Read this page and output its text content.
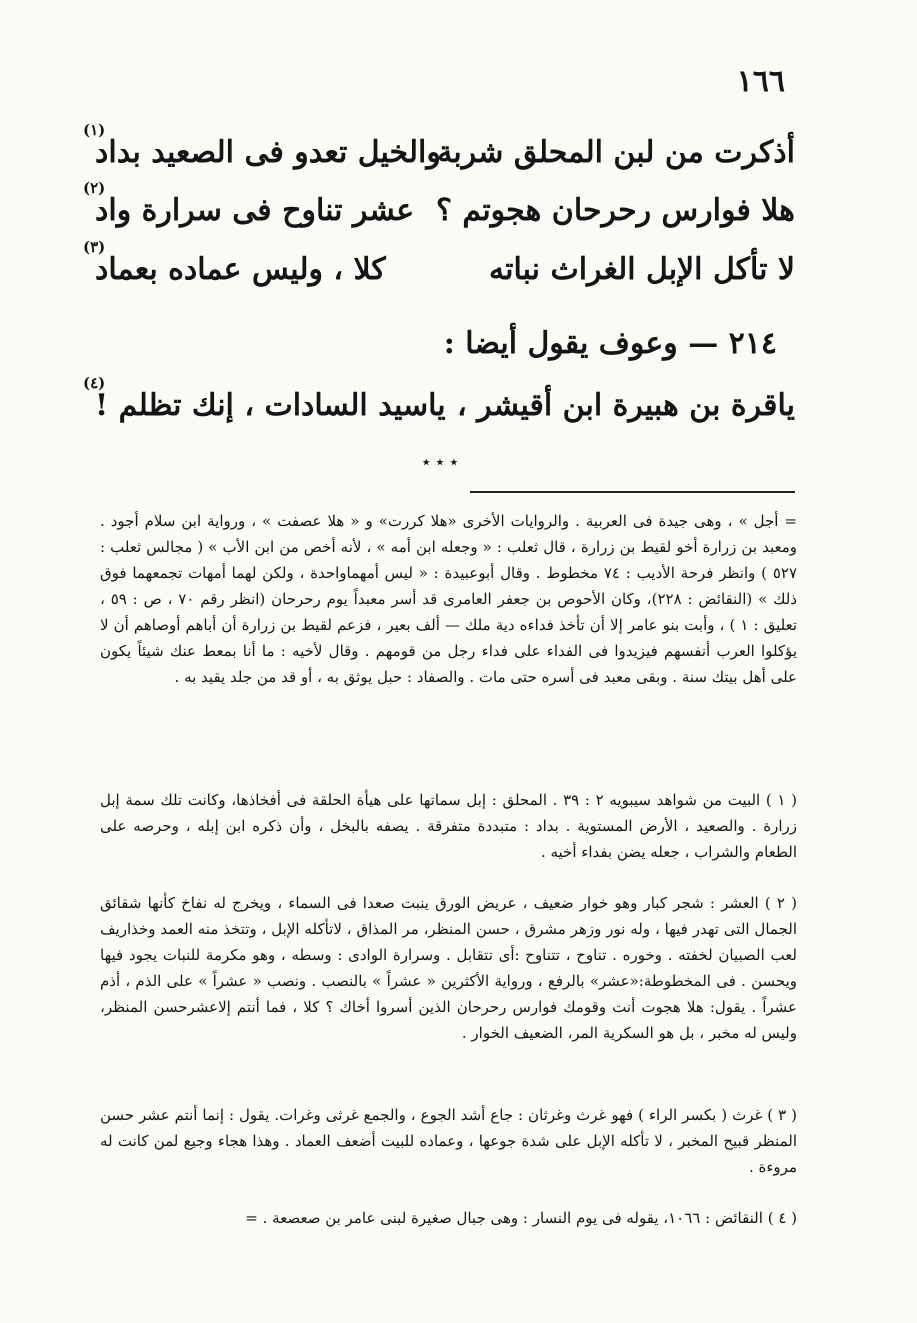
١٦٦
أذكرت من لبن المحلق شربة
والخيل تعدو فى الصعيد بداد
(١)
هلا فوارس رحرحان هجوتم ؟
عشر تناوح فى سرارة واد
(٢)
لا تأكل الإبل الغراث نباته
كلا ، وليس عماده بعماد
(٣)
٢١٤ — وعوف يقول أيضا :
ياقرة بن هبيرة ابن أقيشر ،
ياسيد السادات ، إنك تظلم !
(٤)
٭ ٭ ٭

= أجل » ، وهى جيدة فى العربية . والروايات الأخرى «هلا كررت» و « هلا عصفت » ، ورواية ابن سلام أجود . ومعبد بن زرارة أخو لقيط بن زرارة ، قال ثعلب : « وجعله ابن أمه » ، لأنه أخص من ابن الأب » ( مجالس ثعلب : ٥٢٧ ) وانظر فرحة الأديب : ٧٤ مخطوط . وقال أبوعبيدة : « ليس أمهماواحدة ، ولكن لهما أمهات تجمعهما فوق ذلك » (النقائض : ٢٢٨)، وكان الأحوص بن جعفر العامرى قد أسر معبداً يوم رحرحان (انظر رقم ٧٠ ، ص : ٥٩ ، تعليق : ١ ) ، وأبت بنو عامر إلا أن تأخذ فداءه دية ملك — ألف بعير ، فزعم لقيط بن زرارة أن أباهم أوصاهم أن لا يؤكلوا العرب أنفسهم فيزيدوا فى الفداء على فداء رجل من قومهم . وقال لأخيه : ما أنا بمعط عنك شيئاً يكون على أهل بيتك سنة . وبقى معبد فى أسره حتى مات . والصفاد : حبل يوثق به ، أو قد من جلد يقيد به .

( ١ ) البيت من شواهد سيبويه ٢ : ٣٩ . المحلق : إبل سماتها على هيأة الحلقة فى أفخاذها، وكانت تلك سمة إبل زرارة . والصعيد ، الأرض المستوية . بداد : متبددة متفرقة . يصفه بالبخل ، وأن ذكره ابن إبله ، وحرصه على الطعام والشراب ، جعله يضن بفداء أخيه .

( ٢ ) العشر : شجر كبار وهو خوار ضعيف ، عريض الورق ينبت صعدا فى السماء ، ويخرج له نفاخ كأنها شقائق الجمال التى تهدر فيها ، وله نور وزهر مشرق ، حسن المنظر، مر المذاق ، لاتأكله الإبل ، وتتخذ منه العمد وخذاريف لعب الصبيان لخفته . وخوره . تناوح ، تتناوح :أى تتقابل . وسرارة الوادى : وسطه ، وهو مكرمة للنبات يجود فيها ويحسن . فى المخطوطة:«عشر» بالرفع ، ورواية الأكثرين « عشراً » بالنصب . ونصب « عشراً » على الذم ، أذم عشراً . يقول: هلا هجوت أنت وقومك فوارس رحرحان الذين أسروا أخاك ؟ كلا ، فما أنتم إلاعشرحسن المنظر، وليس له مخبر ، بل هو السكرية المر، الضعيف الخوار .

( ٣ ) غرث ( بكسر الراء ) فهو غرث وغرثان : جاع أشد الجوع ، والجمع غرثى وغرات. يقول : إنما أنتم عشر حسن المنظر قبيح المخبر ، لا تأكله الإبل على شدة جوعها ، وعماده للبيت أضعف العماد . وهذا هجاء وجيع لمن كانت له مروءة .

( ٤ ) النقائض : ١٠٦٦، يقوله فى يوم النسار : وهى جبال صغيرة لبنى عامر بن صعصعة . =
